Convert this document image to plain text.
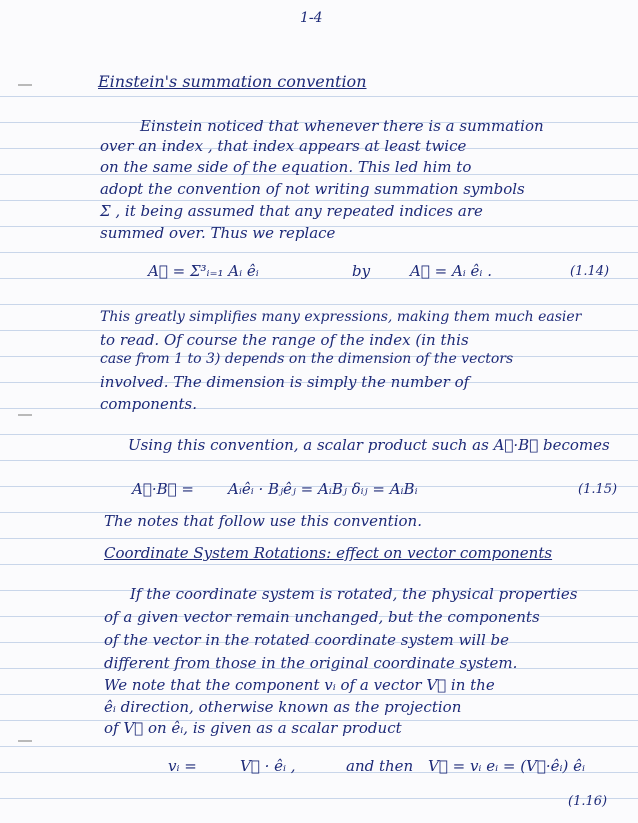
1-4
Einstein's summation convention
Einstein noticed that whenever there is a summation
over an index , that index appears at least twice
on the same side of the equation. This led him to
adopt the convention of not writing summation symbols
Σ , it being assumed that any repeated indices are
summed over. Thus we replace
A⃗ = Σ³ᵢ₌₁ Aᵢ êᵢ	by	A⃗ = Aᵢ êᵢ .	(1.14)
This greatly simplifies many expressions, making them much easier
to read. Of course the range of the index (in this
case from 1 to 3) depends on the dimension of the vectors
involved. The dimension is simply the number of
components.
Using this convention, a scalar product such as A⃗·B⃗ becomes
A⃗·B⃗ = Aᵢêᵢ · Bⱼêⱼ = AᵢBⱼ δᵢⱼ = AᵢBᵢ	(1.15)
The notes that follow use this convention.
Coordinate System Rotations: effect on vector components
If the coordinate system is rotated, the physical properties
of a given vector remain unchanged, but the components
of the vector in the rotated coordinate system will be
different from those in the original coordinate system.
We note that the component vᵢ of a vector V⃗ in the
êᵢ direction, otherwise known as the projection
of V⃗ on êᵢ, is given as a scalar product
vᵢ =	V⃗ · êᵢ ,	and then V⃗ = vᵢ eᵢ = (V⃗·êᵢ) êᵢ
(1.16)
